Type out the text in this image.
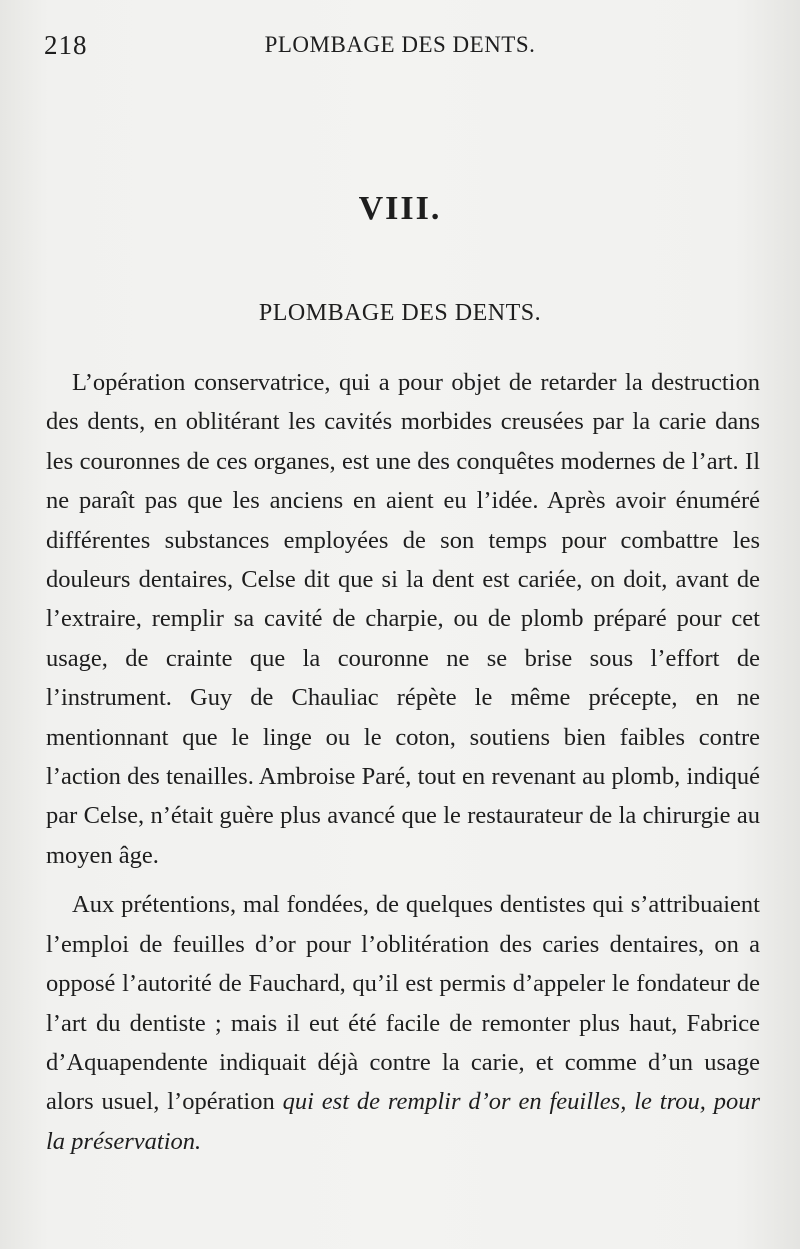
218	PLOMBAGE DES DENTS.
VIII.
PLOMBAGE DES DENTS.

L’opération conservatrice, qui a pour objet de retarder la destruction des dents, en oblitérant les cavités morbides creusées par la carie dans les couronnes de ces organes, est une des conquêtes modernes de l’art. Il ne paraît pas que les anciens en aient eu l’idée. Après avoir énuméré différentes substances employées de son temps pour combattre les douleurs dentaires, Celse dit que si la dent est cariée, on doit, avant de l’extraire, remplir sa cavité de charpie, ou de plomb préparé pour cet usage, de crainte que la couronne ne se brise sous l’effort de l’instrument. Guy de Chauliac répète le même précepte, en ne mentionnant que le linge ou le coton, soutiens bien faibles contre l’action des tenailles. Ambroise Paré, tout en revenant au plomb, indiqué par Celse, n’était guère plus avancé que le restaurateur de la chirurgie au moyen âge.

Aux prétentions, mal fondées, de quelques dentistes qui s’attribuaient l’emploi de feuilles d’or pour l’oblitération des caries dentaires, on a opposé l’autorité de Fauchard, qu’il est permis d’appeler le fondateur de l’art du dentiste ; mais il eut été facile de remonter plus haut, Fabrice d’Aquapendente indiquait déjà contre la carie, et comme d’un usage alors usuel, l’opération qui est de remplir d’or en feuilles, le trou, pour la préservation.
